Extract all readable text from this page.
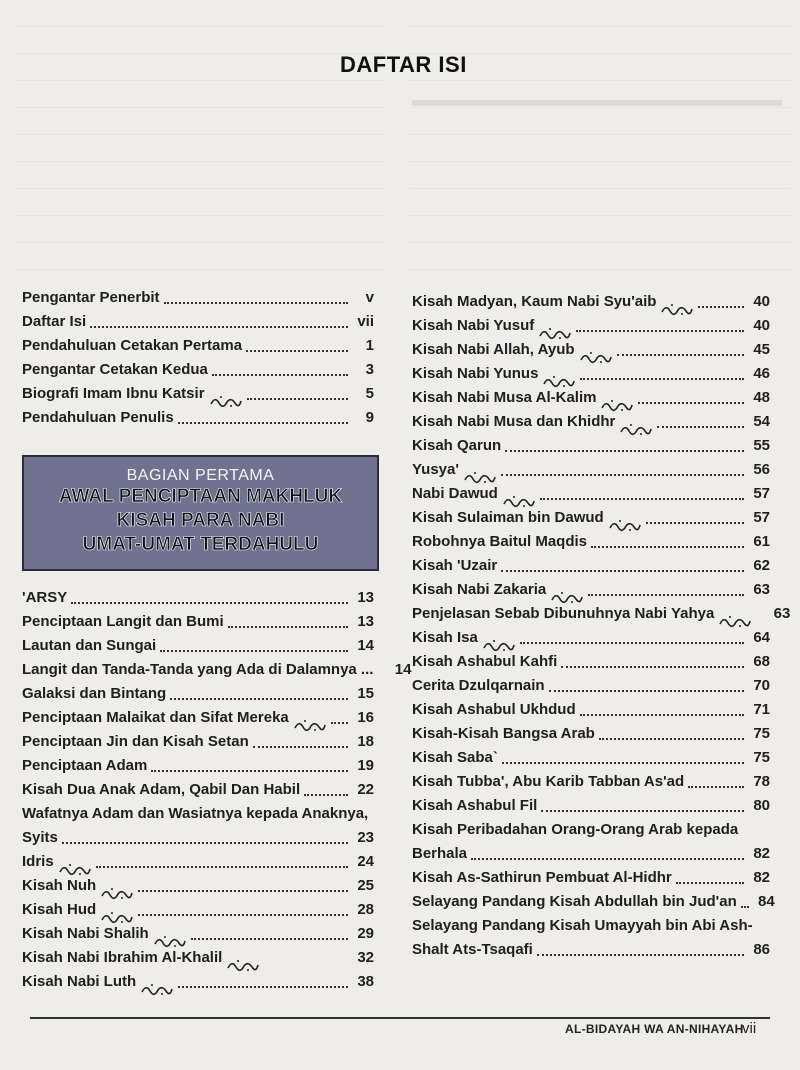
DAFTAR ISI
Pengantar Penerbit	v
Daftar Isi	vii
Pendahuluan Cetakan Pertama	1
Pengantar Cetakan Kedua	3
Biografi Imam Ibnu Katsir	5
Pendahuluan Penulis	9
BAGIAN PERTAMA
AWAL PENCIPTAAN MAKHLUK
KISAH PARA NABI
UMAT-UMAT TERDAHULU
'ARSY	13
Penciptaan Langit dan Bumi	13
Lautan dan Sungai	14
Langit dan Tanda-Tanda yang Ada di Dalamnya ...	14
Galaksi dan Bintang	15
Penciptaan Malaikat dan Sifat Mereka	16
Penciptaan Jin dan Kisah Setan	18
Penciptaan Adam	19
Kisah Dua Anak Adam, Qabil Dan Habil	22
Wafatnya Adam dan Wasiatnya kepada Anaknya,
Syits	23
Idris	24
Kisah Nuh	25
Kisah Hud	28
Kisah Nabi Shalih	29
Kisah Nabi Ibrahim Al-Khalil	32
Kisah Nabi Luth	38
Kisah Madyan, Kaum Nabi Syu'aib	40
Kisah Nabi Yusuf	40
Kisah Nabi Allah, Ayub	45
Kisah Nabi Yunus	46
Kisah Nabi Musa Al-Kalim	48
Kisah Nabi Musa dan Khidhr	54
Kisah Qarun	55
Yusya'	56
Nabi Dawud	57
Kisah Sulaiman bin Dawud	57
Robohnya Baitul Maqdis	61
Kisah 'Uzair	62
Kisah Nabi Zakaria	63
Penjelasan Sebab Dibunuhnya Nabi Yahya	63
Kisah Isa	64
Kisah Ashabul Kahfi	68
Cerita Dzulqarnain	70
Kisah Ashabul Ukhdud	71
Kisah-Kisah Bangsa Arab	75
Kisah Saba`	75
Kisah Tubba', Abu Karib Tabban As'ad	78
Kisah Ashabul Fil	80
Kisah Peribadahan Orang-Orang Arab kepada
Berhala	82
Kisah As-Sathirun Pembuat Al-Hidhr	82
Selayang Pandang Kisah Abdullah bin Jud'an	84
Selayang Pandang Kisah Umayyah bin Abi Ash-
Shalt Ats-Tsaqafi	86
AL-BIDAYAH WA AN-NIHAYAH
vii
